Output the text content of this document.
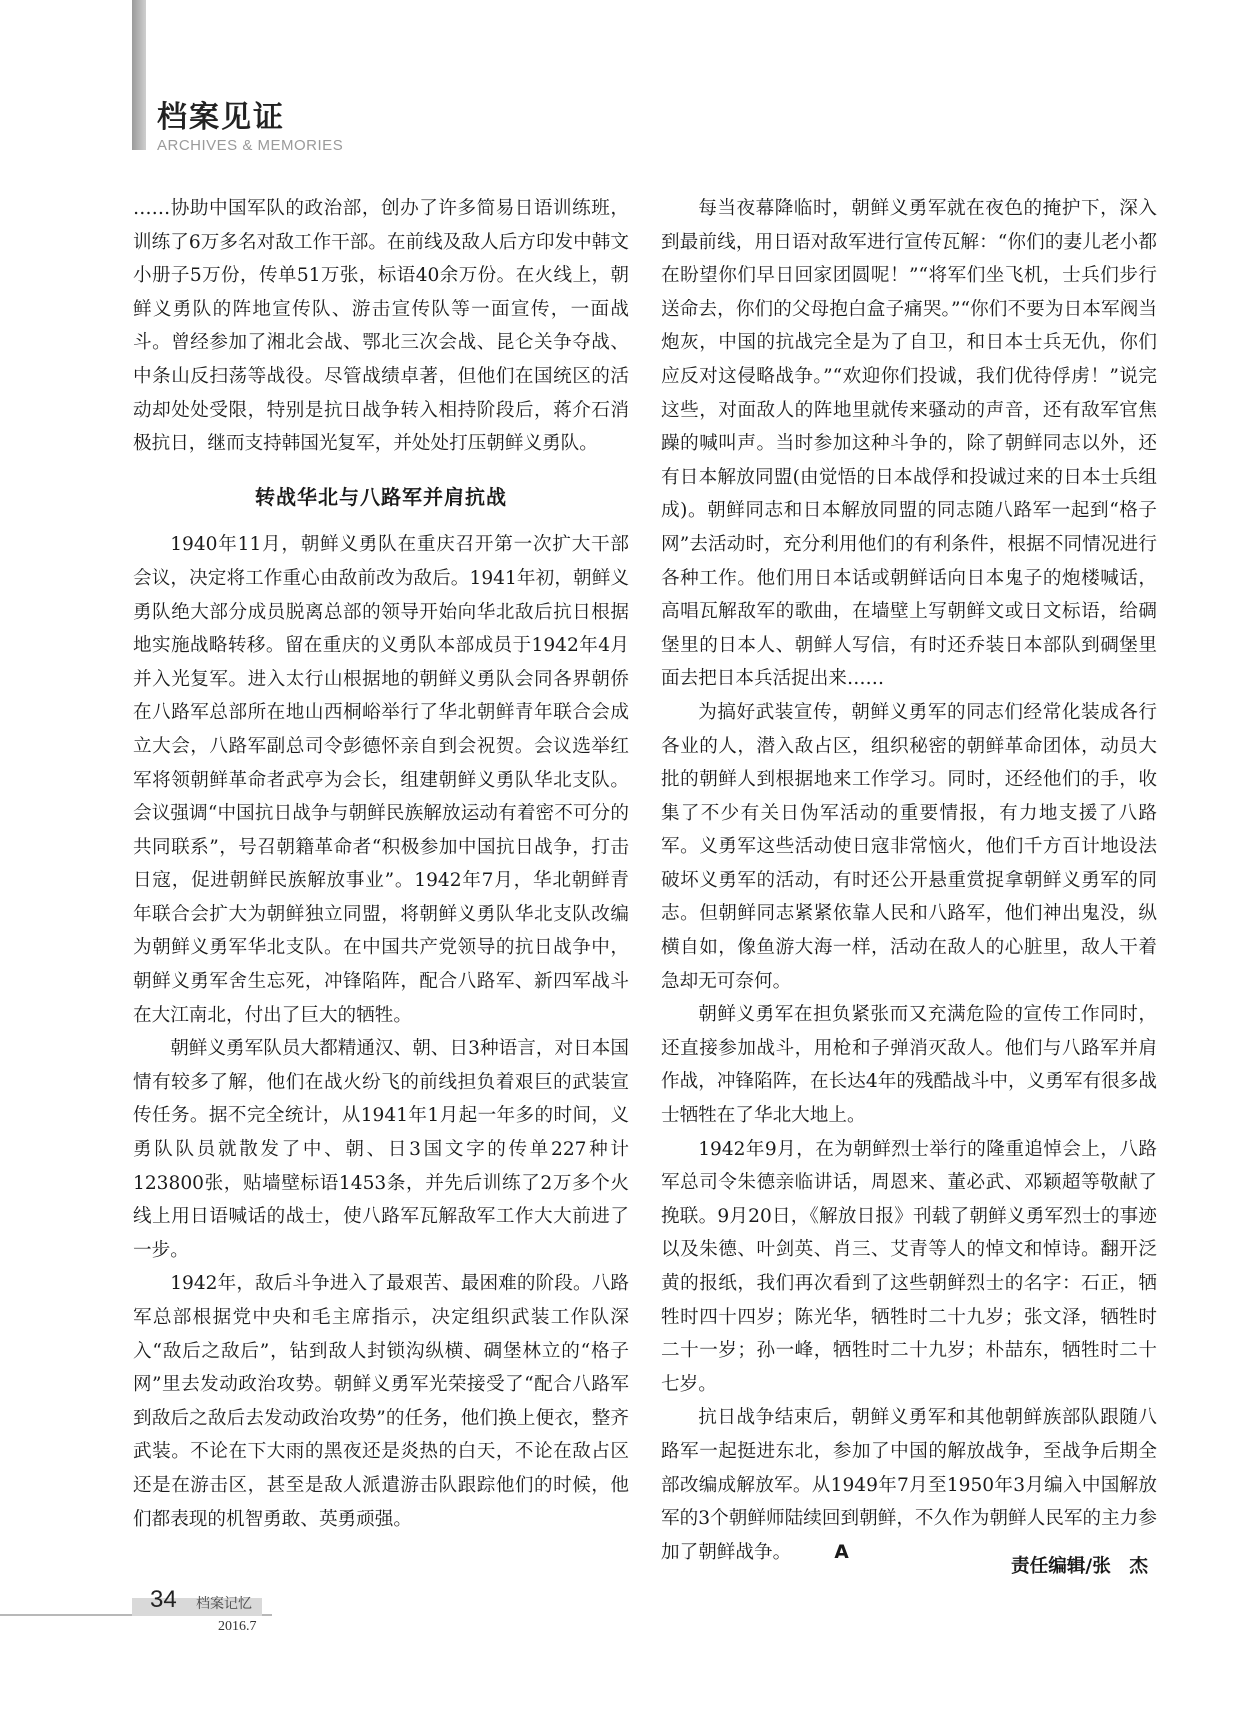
档案见证
ARCHIVES & MEMORIES

……协助中国军队的政治部，创办了许多简易日语训练班，训练了6万多名对敌工作干部。在前线及敌人后方印发中韩文小册子5万份，传单51万张，标语40余万份。在火线上，朝鲜义勇队的阵地宣传队、游击宣传队等一面宣传，一面战斗。曾经参加了湘北会战、鄂北三次会战、昆仑关争夺战、中条山反扫荡等战役。尽管战绩卓著，但他们在国统区的活动却处处受限，特别是抗日战争转入相持阶段后，蒋介石消极抗日，继而支持韩国光复军，并处处打压朝鲜义勇队。

转战华北与八路军并肩抗战

1940年11月，朝鲜义勇队在重庆召开第一次扩大干部会议，决定将工作重心由敌前改为敌后。1941年初，朝鲜义勇队绝大部分成员脱离总部的领导开始向华北敌后抗日根据地实施战略转移。留在重庆的义勇队本部成员于1942年4月并入光复军。进入太行山根据地的朝鲜义勇队会同各界朝侨在八路军总部所在地山西桐峪举行了华北朝鲜青年联合会成立大会，八路军副总司令彭德怀亲自到会祝贺。会议选举红军将领朝鲜革命者武亭为会长，组建朝鲜义勇队华北支队。会议强调“中国抗日战争与朝鲜民族解放运动有着密不可分的共同联系”，号召朝籍革命者“积极参加中国抗日战争，打击日寇，促进朝鲜民族解放事业”。1942年7月，华北朝鲜青年联合会扩大为朝鲜独立同盟，将朝鲜义勇队华北支队改编为朝鲜义勇军华北支队。在中国共产党领导的抗日战争中，朝鲜义勇军舍生忘死，冲锋陷阵，配合八路军、新四军战斗在大江南北，付出了巨大的牺牲。

朝鲜义勇军队员大都精通汉、朝、日3种语言，对日本国情有较多了解，他们在战火纷飞的前线担负着艰巨的武装宣传任务。据不完全统计，从1941年1月起一年多的时间，义勇队队员就散发了中、朝、日3国文字的传单227种计123800张，贴墙壁标语1453条，并先后训练了2万多个火线上用日语喊话的战士，使八路军瓦解敌军工作大大前进了一步。

1942年，敌后斗争进入了最艰苦、最困难的阶段。八路军总部根据党中央和毛主席指示，决定组织武装工作队深入“敌后之敌后”，钻到敌人封锁沟纵横、碉堡林立的“格子网”里去发动政治攻势。朝鲜义勇军光荣接受了“配合八路军到敌后之敌后去发动政治攻势”的任务，他们换上便衣，整齐武装。不论在下大雨的黑夜还是炎热的白天，不论在敌占区还是在游击区，甚至是敌人派遣游击队跟踪他们的时候，他们都表现的机智勇敢、英勇顽强。

每当夜幕降临时，朝鲜义勇军就在夜色的掩护下，深入到最前线，用日语对敌军进行宣传瓦解：“你们的妻儿老小都在盼望你们早日回家团圆呢！”“将军们坐飞机，士兵们步行送命去，你们的父母抱白盒子痛哭。”“你们不要为日本军阀当炮灰，中国的抗战完全是为了自卫，和日本士兵无仇，你们应反对这侵略战争。”“欢迎你们投诚，我们优待俘虏！”说完这些，对面敌人的阵地里就传来骚动的声音，还有敌军官焦躁的喊叫声。当时参加这种斗争的，除了朝鲜同志以外，还有日本解放同盟(由觉悟的日本战俘和投诚过来的日本士兵组成)。朝鲜同志和日本解放同盟的同志随八路军一起到“格子网”去活动时，充分利用他们的有利条件，根据不同情况进行各种工作。他们用日本话或朝鲜话向日本鬼子的炮楼喊话，高唱瓦解敌军的歌曲，在墙壁上写朝鲜文或日文标语，给碉堡里的日本人、朝鲜人写信，有时还乔装日本部队到碉堡里面去把日本兵活捉出来……

为搞好武装宣传，朝鲜义勇军的同志们经常化装成各行各业的人，潜入敌占区，组织秘密的朝鲜革命团体，动员大批的朝鲜人到根据地来工作学习。同时，还经他们的手，收集了不少有关日伪军活动的重要情报，有力地支援了八路军。义勇军这些活动使日寇非常恼火，他们千方百计地设法破坏义勇军的活动，有时还公开悬重赏捉拿朝鲜义勇军的同志。但朝鲜同志紧紧依靠人民和八路军，他们神出鬼没，纵横自如，像鱼游大海一样，活动在敌人的心脏里，敌人干着急却无可奈何。

朝鲜义勇军在担负紧张而又充满危险的宣传工作同时，还直接参加战斗，用枪和子弹消灭敌人。他们与八路军并肩作战，冲锋陷阵，在长达4年的残酷战斗中，义勇军有很多战士牺牲在了华北大地上。

1942年9月，在为朝鲜烈士举行的隆重追悼会上，八路军总司令朱德亲临讲话，周恩来、董必武、邓颖超等敬献了挽联。9月20日，《解放日报》刊载了朝鲜义勇军烈士的事迹以及朱德、叶剑英、肖三、艾青等人的悼文和悼诗。翻开泛黄的报纸，我们再次看到了这些朝鲜烈士的名字：石正，牺牲时四十四岁；陈光华，牺牲时二十九岁；张文泽，牺牲时二十一岁；孙一峰，牺牲时二十九岁；朴喆东，牺牲时二十七岁。

抗日战争结束后，朝鲜义勇军和其他朝鲜族部队跟随八路军一起挺进东北，参加了中国的解放战争，至战争后期全部改编成解放军。从1949年7月至1950年3月编入中国解放军的3个朝鲜师陆续回到朝鲜，不久作为朝鲜人民军的主力参加了朝鲜战争。 A

责任编辑/张　杰
34 档案记忆
2016.7
